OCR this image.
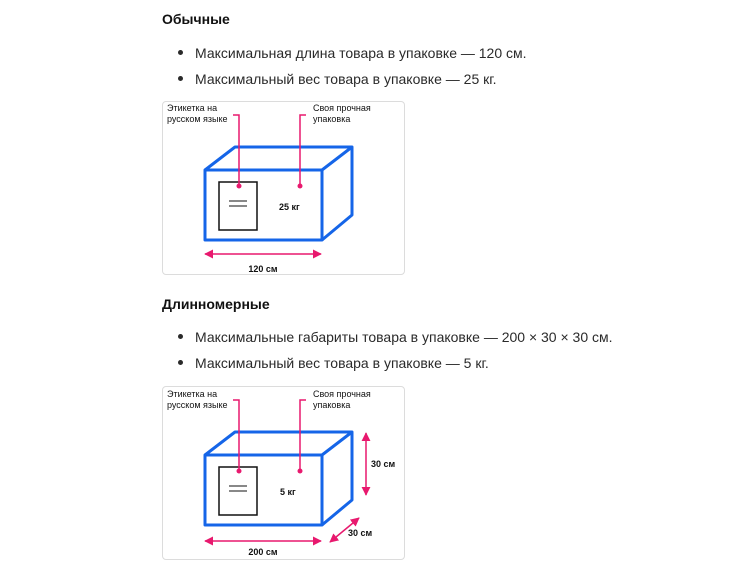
Обычные
Максимальная длина товара в упаковке — 120 см.
Максимальный вес товара в упаковке — 25 кг.
Этикетка на
русском языке
Своя прочная
упаковка
25 кг
120 см
Длинномерные
Максимальные габариты товара в упаковке — 200 × 30 × 30 см.
Максимальный вес товара в упаковке — 5 кг.
Этикетка на
русском языке
Своя прочная
упаковка
5 кг
200 см
30 см
30 см
